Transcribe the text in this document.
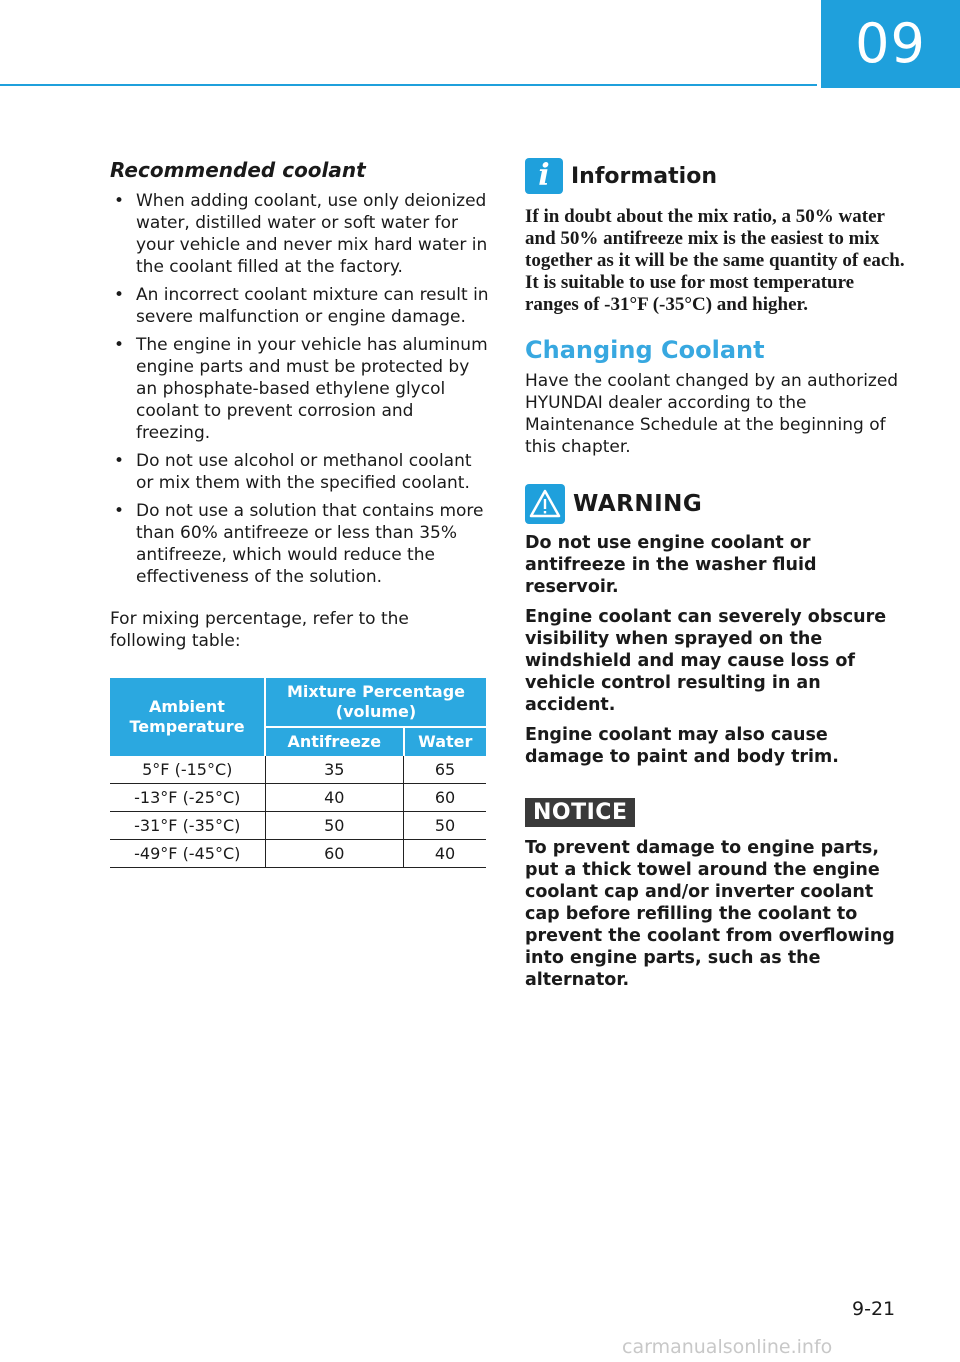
09
Recommended coolant
• When adding coolant, use only deionized water, distilled water or soft water for your vehicle and never mix hard water in the coolant filled at the factory.
• An incorrect coolant mixture can result in severe malfunction or engine damage.
• The engine in your vehicle has aluminum engine parts and must be protected by an phosphate-based ethylene glycol coolant to prevent corrosion and freezing.
• Do not use alcohol or methanol coolant or mix them with the specified coolant.
• Do not use a solution that contains more than 60% antifreeze or less than 35% antifreeze, which would reduce the effectiveness of the solution.

For mixing percentage, refer to the following table:

Ambient Temperature	Mixture Percentage (volume)	
	Antifreeze	Water
5°F (-15°C)	35	65
-13°F (-25°C)	40	60
-31°F (-35°C)	50	50
-49°F (-45°C)	60	40
i Information

If in doubt about the mix ratio, a 50% water and 50% antifreeze mix is the easiest to mix together as it will be the same quantity of each. It is suitable to use for most temperature ranges of -31°F (-35°C) and higher.

Changing Coolant

Have the coolant changed by an authorized HYUNDAI dealer according to the Maintenance Schedule at the beginning of this chapter.

WARNING

Do not use engine coolant or antifreeze in the washer fluid reservoir.

Engine coolant can severely obscure visibility when sprayed on the windshield and may cause loss of vehicle control resulting in an accident.

Engine coolant may also cause damage to paint and body trim.

NOTICE

To prevent damage to engine parts, put a thick towel around the engine coolant cap and/or inverter coolant cap before refilling the coolant to prevent the coolant from overflowing into engine parts, such as the alternator.

9-21
carmanualsonline.info
